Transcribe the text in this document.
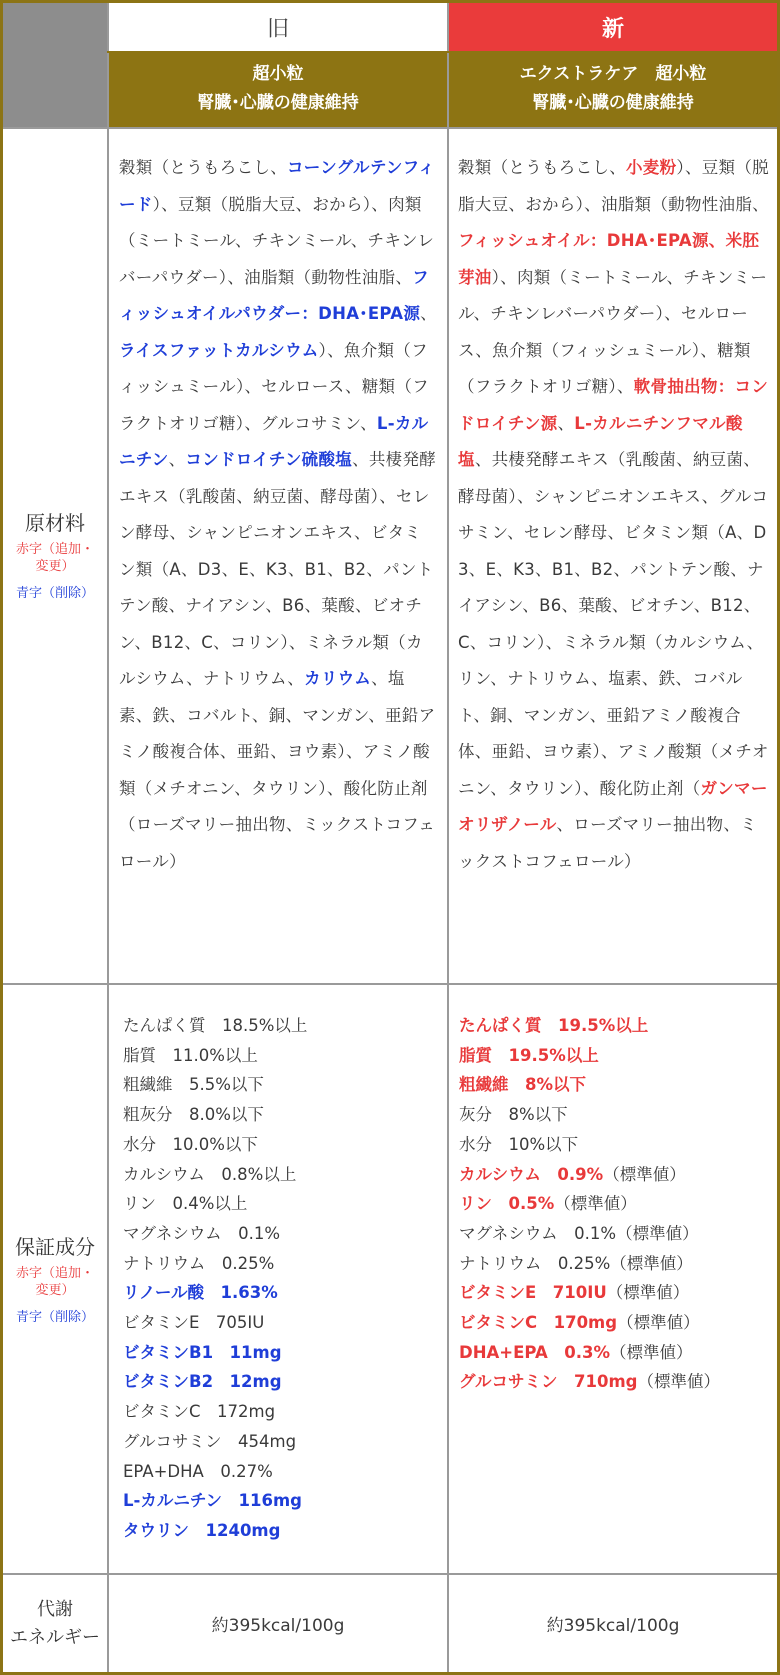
旧	新
超小粒
腎臓･心臓の健康維持
エクストラケア　超小粒
腎臓･心臓の健康維持
原材料
赤字（追加・変更）
青字（削除）
穀類（とうもろこし、コーングルテンフィード）、豆類（脱脂大豆、おから）、肉類（ミートミール、チキンミール、チキンレバーパウダー）、油脂類（動物性油脂、フィッシュオイルパウダー：DHA･EPA源、ライスファットカルシウム）、魚介類（フィッシュミール）、セルロース、糖類（フラクトオリゴ糖）、グルコサミン、L-カルニチン、コンドロイチン硫酸塩、共棲発酵エキス（乳酸菌、納豆菌、酵母菌）、セレン酵母、シャンピニオンエキス、ビタミン類（A、D3、E、K3、B1、B2、パントテン酸、ナイアシン、B6、葉酸、ビオチン、B12、C、コリン）、ミネラル類（カルシウム、ナトリウム、カリウム、塩素、鉄、コバルト、銅、マンガン、亜鉛アミノ酸複合体、亜鉛、ヨウ素）、アミノ酸類（メチオニン、タウリン）、酸化防止剤（ローズマリー抽出物、ミックストコフェロール）
穀類（とうもろこし、小麦粉）、豆類（脱脂大豆、おから）、油脂類（動物性油脂、フィッシュオイル：DHA･EPA源、米胚芽油）、肉類（ミートミール、チキンミール、チキンレバーパウダー）、セルロース、魚介類（フィッシュミール）、糖類（フラクトオリゴ糖）、軟骨抽出物：コンドロイチン源、L-カルニチンフマル酸塩、共棲発酵エキス（乳酸菌、納豆菌、酵母菌）、シャンピニオンエキス、グルコサミン、セレン酵母、ビタミン類（A、D3、E、K3、B1、B2、パントテン酸、ナイアシン、B6、葉酸、ビオチン、B12、C、コリン）、ミネラル類（カルシウム、リン、ナトリウム、塩素、鉄、コバルト、銅、マンガン、亜鉛アミノ酸複合体、亜鉛、ヨウ素）、アミノ酸類（メチオニン、タウリン）、酸化防止剤（ガンマーオリザノール、ローズマリー抽出物、ミックストコフェロール）
保証成分
赤字（追加・変更）
青字（削除）
たんぱく質　18.5%以上
脂質　11.0%以上
粗繊維　5.5%以下
粗灰分　8.0%以下
水分　10.0%以下
カルシウム　0.8%以上
リン　0.4%以上
マグネシウム　0.1%
ナトリウム　0.25%
リノール酸　1.63%
ビタミンE　705IU
ビタミンB1　11mg
ビタミンB2　12mg
ビタミンC　172mg
グルコサミン　454mg
EPA+DHA　0.27%
L-カルニチン　116mg
タウリン　1240mg
たんぱく質　19.5%以上
脂質　19.5%以上
粗繊維　8%以下
灰分　8%以下
水分　10%以下
カルシウム　0.9%（標準値）
リン　0.5%（標準値）
マグネシウム　0.1%（標準値）
ナトリウム　0.25%（標準値）
ビタミンE　710IU（標準値）
ビタミンC　170mg（標準値）
DHA+EPA　0.3%（標準値）
グルコサミン　710mg（標準値）
代謝
エネルギー
約395kcal/100g	約395kcal/100g
